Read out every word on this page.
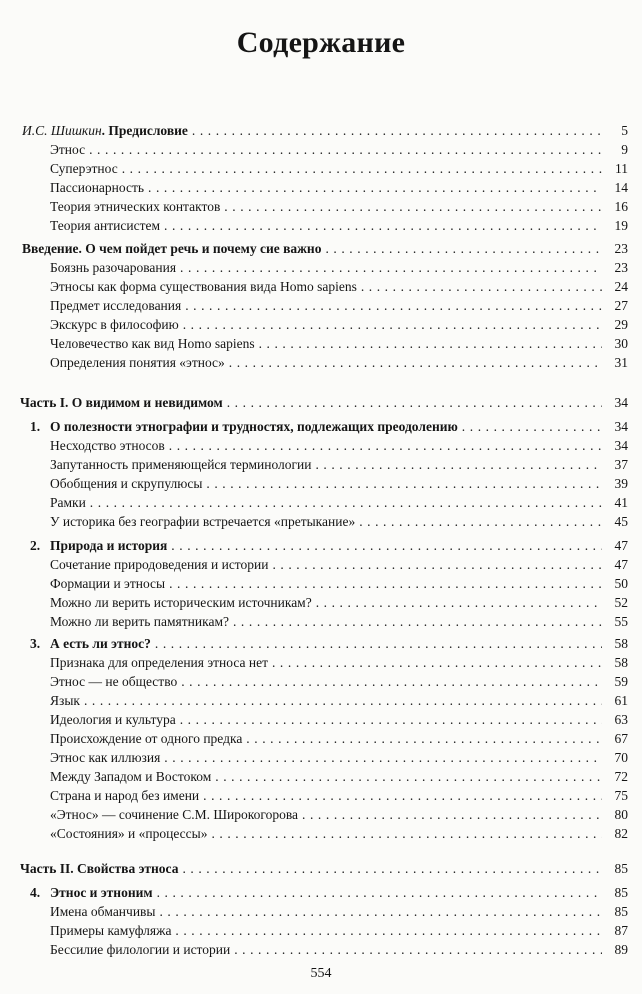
Содержание
И.С. Шишкин. Предисловие . . .	5
Этнос . . .	9
Суперэтнос . . .	11
Пассионарность . . .	14
Теория этнических контактов . . .	16
Теория антисистем . . .	19
Введение. О чем пойдет речь и почему сие важно . . .	23
Боязнь разочарования . . .	23
Этносы как форма существования вида Homo sapiens . . .	24
Предмет исследования . . .	27
Экскурс в философию . . .	29
Человечество как вид Homo sapiens . . .	30
Определения понятия «этнос» . . .	31
Часть I. О видимом и невидимом . . .	34
1. О полезности этнографии и трудностях, подлежащих преодолению . . .	34
Несходство этносов . . .	34
Запутанность применяющейся терминологии . . .	37
Обобщения и скрупулюсы . . .	39
Рамки . . .	41
У историка без географии встречается «претыкание» . . .	45
2. Природа и история . . .	47
Сочетание природоведения и истории . . .	47
Формации и этносы . . .	50
Можно ли верить историческим источникам? . . .	52
Можно ли верить памятникам? . . .	55
3. А есть ли этнос? . . .	58
Признака для определения этноса нет . . .	58
Этнос — не общество . . .	59
Язык . . .	61
Идеология и культура . . .	63
Происхождение от одного предка . . .	67
Этнос как иллюзия . . .	70
Между Западом и Востоком . . .	72
Страна и народ без имени . . .	75
«Этнос» — сочинение С.М. Широкогорова . . .	80
«Состояния» и «процессы» . . .	82
Часть II. Свойства этноса . . .	85
4. Этнос и этноним . . .	85
Имена обманчивы . . .	85
Примеры камуфляжа . . .	87
Бессилие филологии и истории . . .	89
554
